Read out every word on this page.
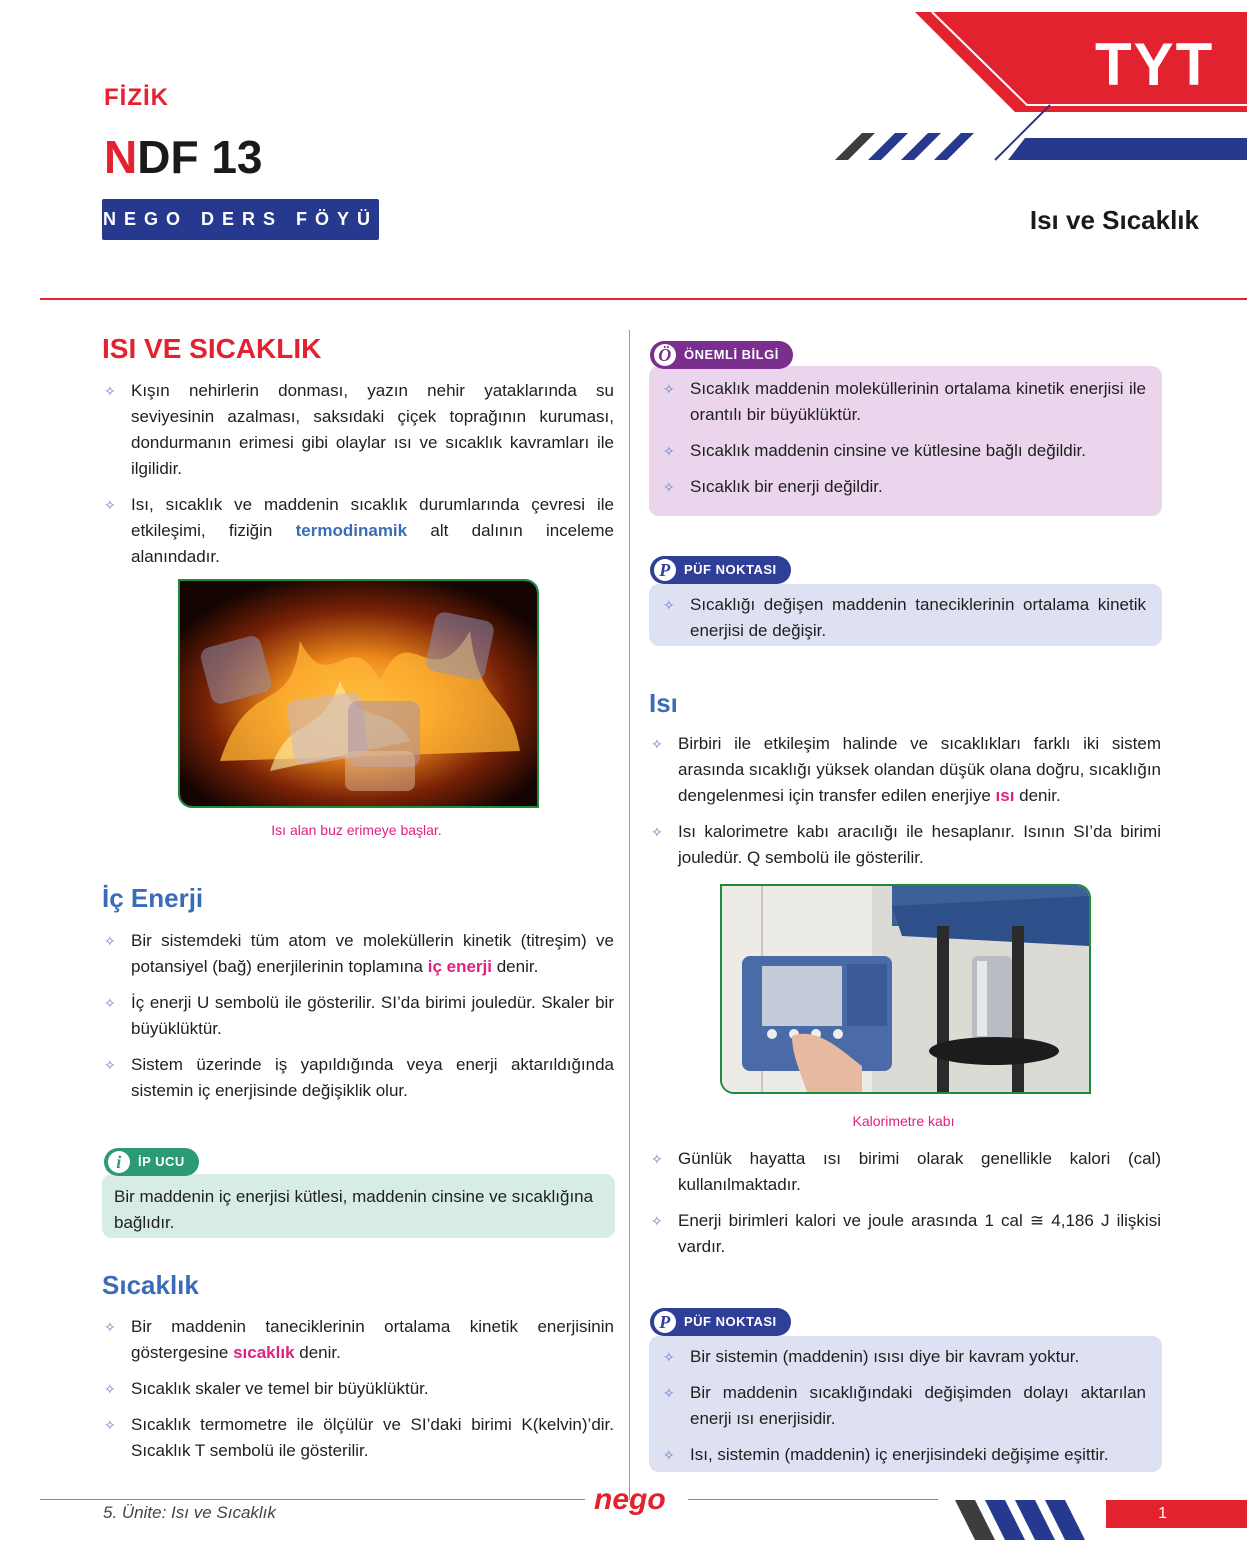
TYT
FİZİK
NDF 13
NEGO DERS FÖYÜ	Isı ve Sıcaklık
ISI VE SICAKLIK
✧ Kışın nehirlerin donması, yazın nehir yataklarında su seviyesinin azalması, saksıdaki çiçek toprağının kuruması, dondurmanın erimesi gibi olaylar ısı ve sıcaklık kavramları ile ilgilidir.
✧ Isı, sıcaklık ve maddenin sıcaklık durumlarında çevresi ile etkileşimi, fiziğin termodinamik alt dalının inceleme alanındadır.
Isı alan buz erimeye başlar.
İç Enerji
✧ Bir sistemdeki tüm atom ve moleküllerin kinetik (titreşim) ve potansiyel (bağ) enerjilerinin toplamına iç enerji denir.
✧ İç enerji U sembolü ile gösterilir. SI’da birimi jouledür. Skaler bir büyüklüktür.
✧ Sistem üzerinde iş yapıldığında veya enerji aktarıldığında sistemin iç enerjisinde değişiklik olur.
Bir maddenin iç enerjisi kütlesi, maddenin cinsine ve sıcaklığına bağlıdır.
i	İP UCU
Sıcaklık
✧ Bir maddenin taneciklerinin ortalama kinetik enerjisinin göstergesine sıcaklık denir.
✧ Sıcaklık skaler ve temel bir büyüklüktür.
✧ Sıcaklık termometre ile ölçülür ve SI’daki birimi K(kelvin)’dir. Sıcaklık T sembolü ile gösterilir.
✧ Sıcaklık maddenin moleküllerinin ortalama kinetik enerjisi ile orantılı bir büyüklüktür.
✧ Sıcaklık maddenin cinsine ve kütlesine bağlı değildir.
✧ Sıcaklık bir enerji değildir.
Ö ÖNEMLİ BİLGİ
✧ Sıcaklığı değişen maddenin taneciklerinin ortalama kinetik enerjisi de değişir.
P	PÜF NOKTASI
Isı
✧ Birbiri ile etkileşim halinde ve sıcaklıkları farklı iki sistem arasında sıcaklığı yüksek olandan düşük olana doğru, sıcaklığın dengelenmesi için transfer edilen enerjiye ısı denir.
✧ Isı kalorimetre kabı aracılığı ile hesaplanır. Isının SI’da birimi jouledür. Q sembolü ile gösterilir.
Kalorimetre kabı
✧ Günlük hayatta ısı birimi olarak genellikle kalori (cal) kullanılmaktadır.
✧ Enerji birimleri kalori ve joule arasında 1 cal ≅ 4,186 J ilişkisi vardır.
✧ Bir sistemin (maddenin) ısısı diye bir kavram yoktur.
✧ Bir maddenin sıcaklığındaki değişimden dolayı aktarılan enerji ısı enerjisidir.
✧ Isı, sistemin (maddenin) iç enerjisindeki değişime eşittir.
P	PÜF NOKTASI
5. Ünite: Isı ve Sıcaklık	nego	1
